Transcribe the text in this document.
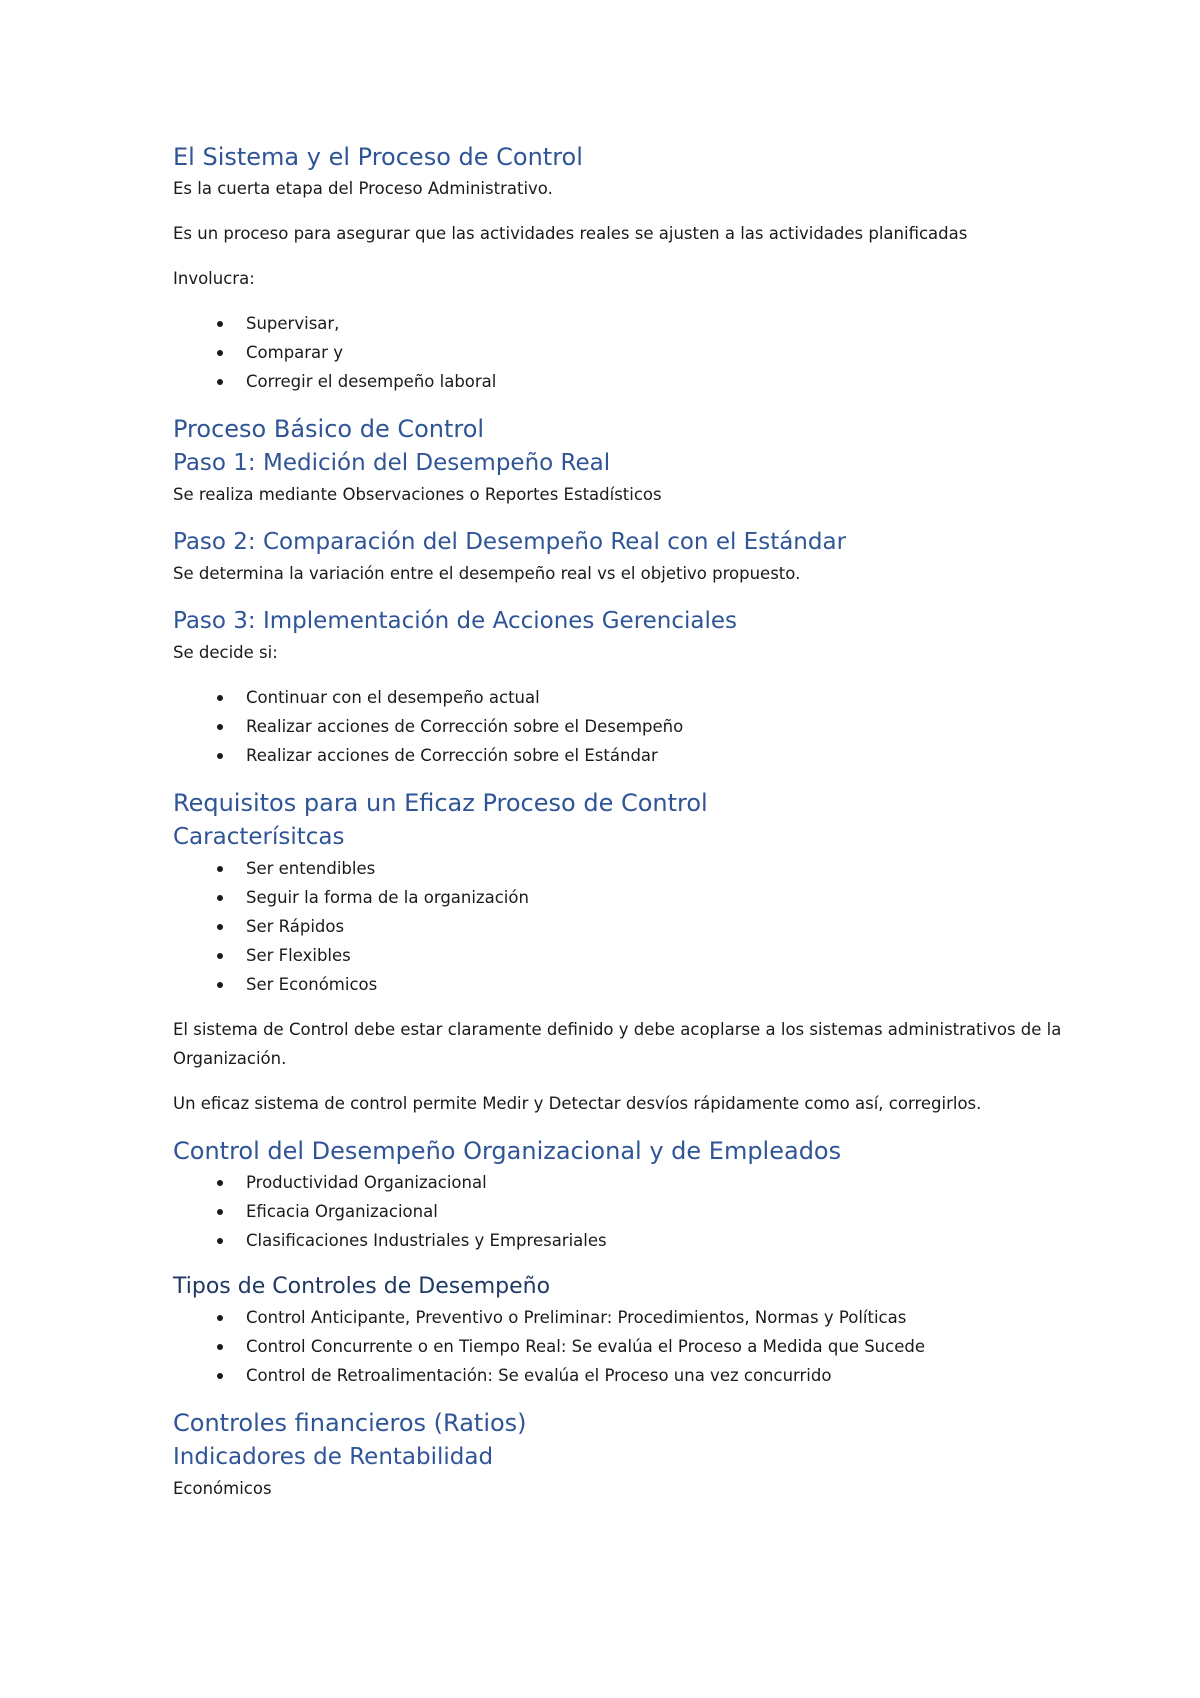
El Sistema y el Proceso de Control

Es la cuerta etapa del Proceso Administrativo.

Es un proceso para asegurar que las actividades reales se ajusten a las actividades planificadas

Involucra:

Supervisar,
Comparar y
Corregir el desempeño laboral
Proceso Básico de Control
Paso 1: Medición del Desempeño Real

Se realiza mediante Observaciones o Reportes Estadísticos

Paso 2: Comparación del Desempeño Real con el Estándar

Se determina la variación entre el desempeño real vs el objetivo propuesto.

Paso 3: Implementación de Acciones Gerenciales

Se decide si:

Continuar con el desempeño actual
Realizar acciones de Corrección sobre el Desempeño
Realizar acciones de Corrección sobre el Estándar
Requisitos para un Eficaz Proceso de Control
Caracterísitcas
Ser entendibles
Seguir la forma de la organización
Ser Rápidos
Ser Flexibles
Ser Económicos

El sistema de Control debe estar claramente definido y debe acoplarse a los sistemas administrativos de la Organización.

Un eficaz sistema de control permite Medir y Detectar desvíos rápidamente como así, corregirlos.

Control del Desempeño Organizacional y de Empleados
Productividad Organizacional
Eficacia Organizacional
Clasificaciones Industriales y Empresariales
Tipos de Controles de Desempeño
Control Anticipante, Preventivo o Preliminar: Procedimientos, Normas y Políticas
Control Concurrente o en Tiempo Real: Se evalúa el Proceso a Medida que Sucede
Control de Retroalimentación: Se evalúa el Proceso una vez concurrido
Controles financieros (Ratios)
Indicadores de Rentabilidad

Económicos
